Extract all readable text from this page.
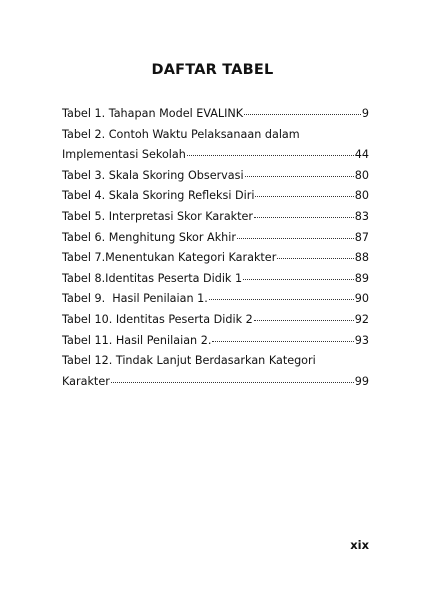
DAFTAR TABEL
Tabel 1. Tahapan Model EVALINK	9
Tabel 2. Contoh Waktu Pelaksanaan dalam
Implementasi Sekolah	44
Tabel 3. Skala Skoring Observasi	80
Tabel 4. Skala Skoring Refleksi Diri	80
Tabel 5. Interpretasi Skor Karakter	83
Tabel 6. Menghitung Skor Akhir	87
Tabel 7.Menentukan Kategori Karakter	88
Tabel 8.Identitas Peserta Didik 1	89
Tabel 9.  Hasil Penilaian 1.	90
Tabel 10. Identitas Peserta Didik 2	92
Tabel 11. Hasil Penilaian 2.	93
Tabel 12. Tindak Lanjut Berdasarkan Kategori
Karakter	99
xix
